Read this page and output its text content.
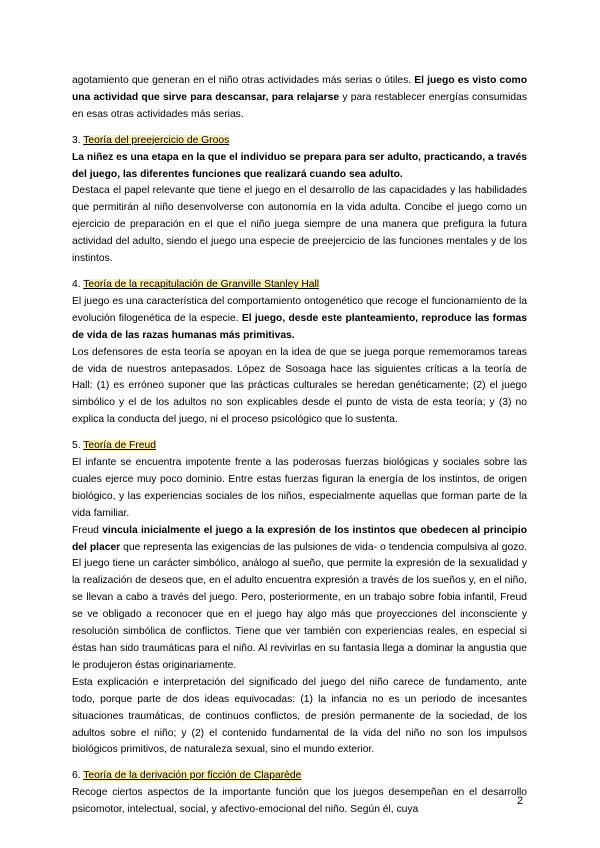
agotamiento que generan en el niño otras actividades más serias o útiles. El juego es visto como una actividad que sirve para descansar, para relajarse y para restablecer energías consumidas en esas otras actividades más serias.

3. Teoría del preejercicio de Groos

La niñez es una etapa en la que el individuo se prepara para ser adulto, practicando, a través del juego, las diferentes funciones que realizará cuando sea adulto.

Destaca el papel relevante que tiene el juego en el desarrollo de las capacidades y las habilidades que permitirán al niño desenvolverse con autonomía en la vida adulta. Concibe el juego como un ejercicio de preparación en el que el niño juega siempre de una manera que prefigura la futura actividad del adulto, siendo el juego una especie de preejercicio de las funciones mentales y de los instintos.

4. Teoría de la recapitulación de Granville Stanley Hall

El juego es una característica del comportamiento ontogenético que recoge el funcionamiento de la evolución filogenética de la especie. El juego, desde este planteamiento, reproduce las formas de vida de las razas humanas más primitivas.

Los defensores de esta teoría se apoyan en la idea de que se juega porque rememoramos tareas de vida de nuestros antepasados. López de Sosoaga hace las siguientes críticas a la teoría de Hall: (1) es erróneo suponer que las prácticas culturales se heredan genéticamente; (2) el juego simbólico y el de los adultos no son explicables desde el punto de vista de esta teoría; y (3) no explica la conducta del juego, ni el proceso psicológico que lo sustenta.

5. Teoría de Freud

El infante se encuentra impotente frente a las poderosas fuerzas biológicas y sociales sobre las cuales ejerce muy poco dominio. Entre estas fuerzas figuran la energía de los instintos, de origen biológico, y las experiencias sociales de los niños, especialmente aquellas que forman parte de la vida familiar.

Freud vincula inicialmente el juego a la expresión de los instintos que obedecen al principio del placer que representa las exigencias de las pulsiones de vida- o tendencia compulsiva al gozo. El juego tiene un carácter simbólico, análogo al sueño, que permite la expresión de la sexualidad y la realización de deseos que, en el adulto encuentra expresión a través de los sueños y, en el niño, se llevan a cabo a través del juego. Pero, posteriormente, en un trabajo sobre fobia infantil, Freud se ve obligado a reconocer que en el juego hay algo más que proyecciones del inconsciente y resolución simbólica de conflictos. Tiene que ver también con experiencias reales, en especial si éstas han sido traumáticas para el niño. Al revivirlas en su fantasía llega a dominar la angustia que le produjeron éstas originariamente.

Esta explicación e interpretación del significado del juego del niño carece de fundamento, ante todo, porque parte de dos ideas equivocadas: (1) la infancia no es un periodo de incesantes situaciones traumáticas, de continuos conflictos, de presión permanente de la sociedad, de los adultos sobre el niño; y (2) el contenido fundamental de la vida del niño no son los impulsos biológicos primitivos, de naturaleza sexual, sino el mundo exterior.

6. Teoría de la derivación por ficción de Claparède

Recoge ciertos aspectos de la importante función que los juegos desempeñan en el desarrollo psicomotor, intelectual, social, y afectivo-emocional del niño. Según él, cuya

2
